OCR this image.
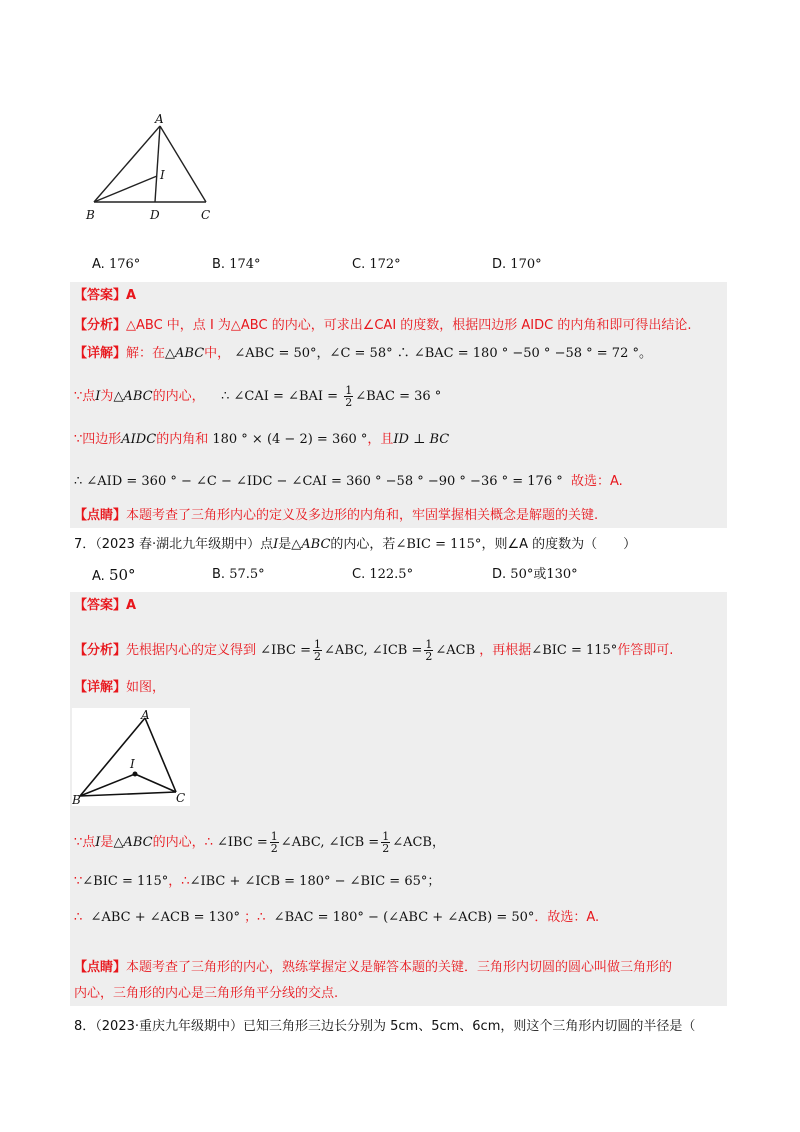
A
I
B	D	C
A. 176°	B. 174°	C. 172°	D. 170°
【答案】A
【分析】△ABC 中，点 I 为△ABC 的内心，可求出∠CAI 的度数，根据四边形 AIDC 的内角和即可得出结论.
【详解】解：在△ABC中， ∠ABC = 50°，∠C = 58° ∴ ∠BAC = 180 ° −50 ° −58 ° = 72 °。
∵点I为△ABC的内心， ∴ ∠CAI = ∠BAI = $\frac{1}{2}$ ∠BAC = 36 °
∵四边形AIDC的内角和 180 ° × (4 − 2) = 360 °，且ID ⊥ BC
∴ ∠AID = 360 ° − ∠C − ∠IDC − ∠CAI = 360 ° −58 ° −90 ° −36 ° = 176 ° 故选：A.
【点睛】本题考查了三角形内心的定义及多边形的内角和，牢固掌握相关概念是解题的关键.
7．（2023 春·湖北九年级期中）点I是△ABC的内心，若∠BIC = 115°，则∠A 的度数为（　　）
A. 50°	B. 57.5°	C. 122.5°	D. 50°或130°
【答案】A
【分析】先根据内心的定义得到 ∠IBC = $\frac{1}{2}$ ∠ABC, ∠ICB = $\frac{1}{2}$ ∠ACB ，再根据∠BIC = 115°作答即可.
【详解】如图，
A
I
B	C
∵点I是△ABC的内心，∴ ∠IBC = $\frac{1}{2}$ ∠ABC, ∠ICB = $\frac{1}{2}$ ∠ACB，
∵∠BIC = 115°，∴∠IBC + ∠ICB = 180° − ∠BIC = 65°；
∴ ∠ABC + ∠ACB = 130° ；∴ ∠BAC = 180° − (∠ABC + ∠ACB) = 50°．故选：A.
【点睛】本题考查了三角形的内心，熟练掌握定义是解答本题的关键．三角形内切圆的圆心叫做三角形的
内心，三角形的内心是三角形角平分线的交点.
8．（2023·重庆九年级期中）已知三角形三边长分别为 5cm、5cm、6cm，则这个三角形内切圆的半径是（
